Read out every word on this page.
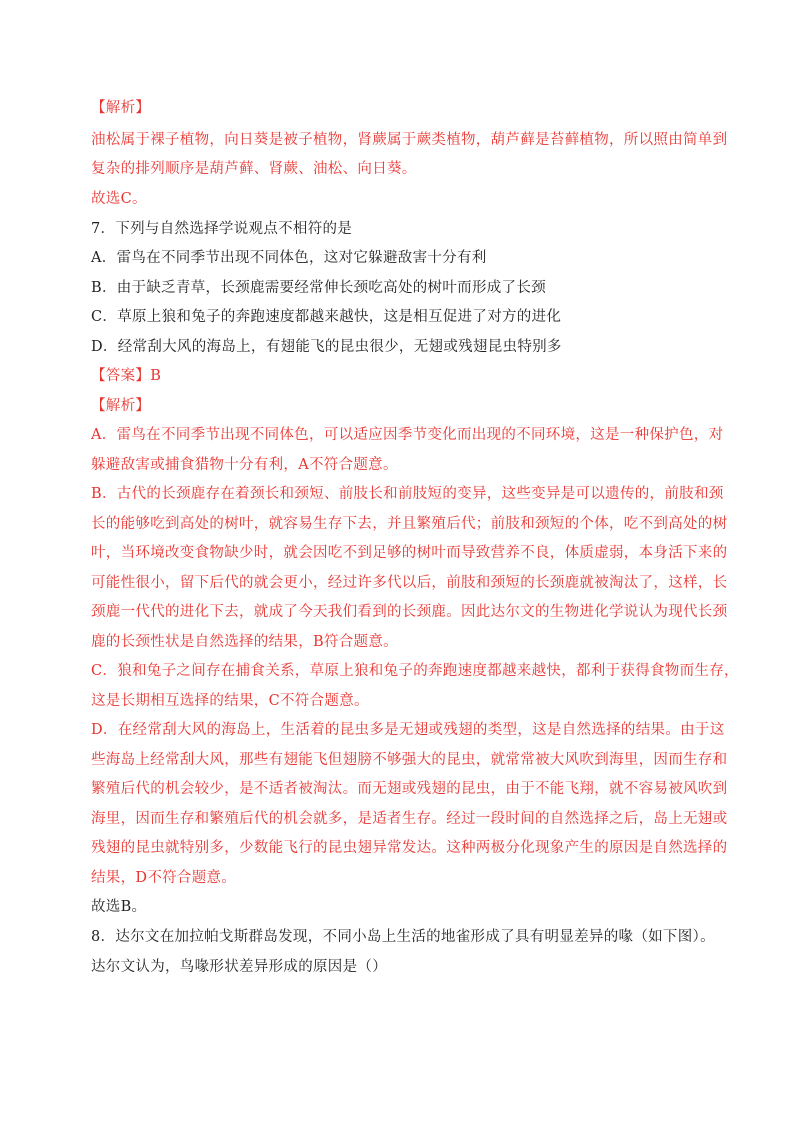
【解析】
油松属于裸子植物，向日葵是被子植物，肾蕨属于蕨类植物，葫芦藓是苔藓植物，所以照由简单到
复杂的排列顺序是葫芦藓、肾蕨、油松、向日葵。
故选C。
7．下列与自然选择学说观点不相符的是
A．雷鸟在不同季节出现不同体色，这对它躲避敌害十分有利
B．由于缺乏青草，长颈鹿需要经常伸长颈吃高处的树叶而形成了长颈
C．草原上狼和兔子的奔跑速度都越来越快，这是相互促进了对方的进化
D．经常刮大风的海岛上，有翅能飞的昆虫很少，无翅或残翅昆虫特别多
【答案】B
【解析】
A．雷鸟在不同季节出现不同体色，可以适应因季节变化而出现的不同环境，这是一种保护色，对
躲避敌害或捕食猎物十分有利，A不符合题意。
B．古代的长颈鹿存在着颈长和颈短、前肢长和前肢短的变异，这些变异是可以遗传的，前肢和颈
长的能够吃到高处的树叶，就容易生存下去，并且繁殖后代；前肢和颈短的个体，吃不到高处的树
叶，当环境改变食物缺少时，就会因吃不到足够的树叶而导致营养不良，体质虚弱，本身活下来的
可能性很小，留下后代的就会更小，经过许多代以后，前肢和颈短的长颈鹿就被淘汰了，这样，长
颈鹿一代代的进化下去，就成了今天我们看到的长颈鹿。因此达尔文的生物进化学说认为现代长颈
鹿的长颈性状是自然选择的结果，B符合题意。
C．狼和兔子之间存在捕食关系，草原上狼和兔子的奔跑速度都越来越快，都利于获得食物而生存，
这是长期相互选择的结果，C不符合题意。
D．在经常刮大风的海岛上，生活着的昆虫多是无翅或残翅的类型，这是自然选择的结果。由于这
些海岛上经常刮大风，那些有翅能飞但翅膀不够强大的昆虫，就常常被大风吹到海里，因而生存和
繁殖后代的机会较少，是不适者被淘汰。而无翅或残翅的昆虫，由于不能飞翔，就不容易被风吹到
海里，因而生存和繁殖后代的机会就多，是适者生存。经过一段时间的自然选择之后，岛上无翅或
残翅的昆虫就特别多，少数能飞行的昆虫翅异常发达。这种两极分化现象产生的原因是自然选择的
结果，D不符合题意。
故选B。
8．达尔文在加拉帕戈斯群岛发现，不同小岛上生活的地雀形成了具有明显差异的喙（如下图）。
达尔文认为，鸟喙形状差异形成的原因是（）
